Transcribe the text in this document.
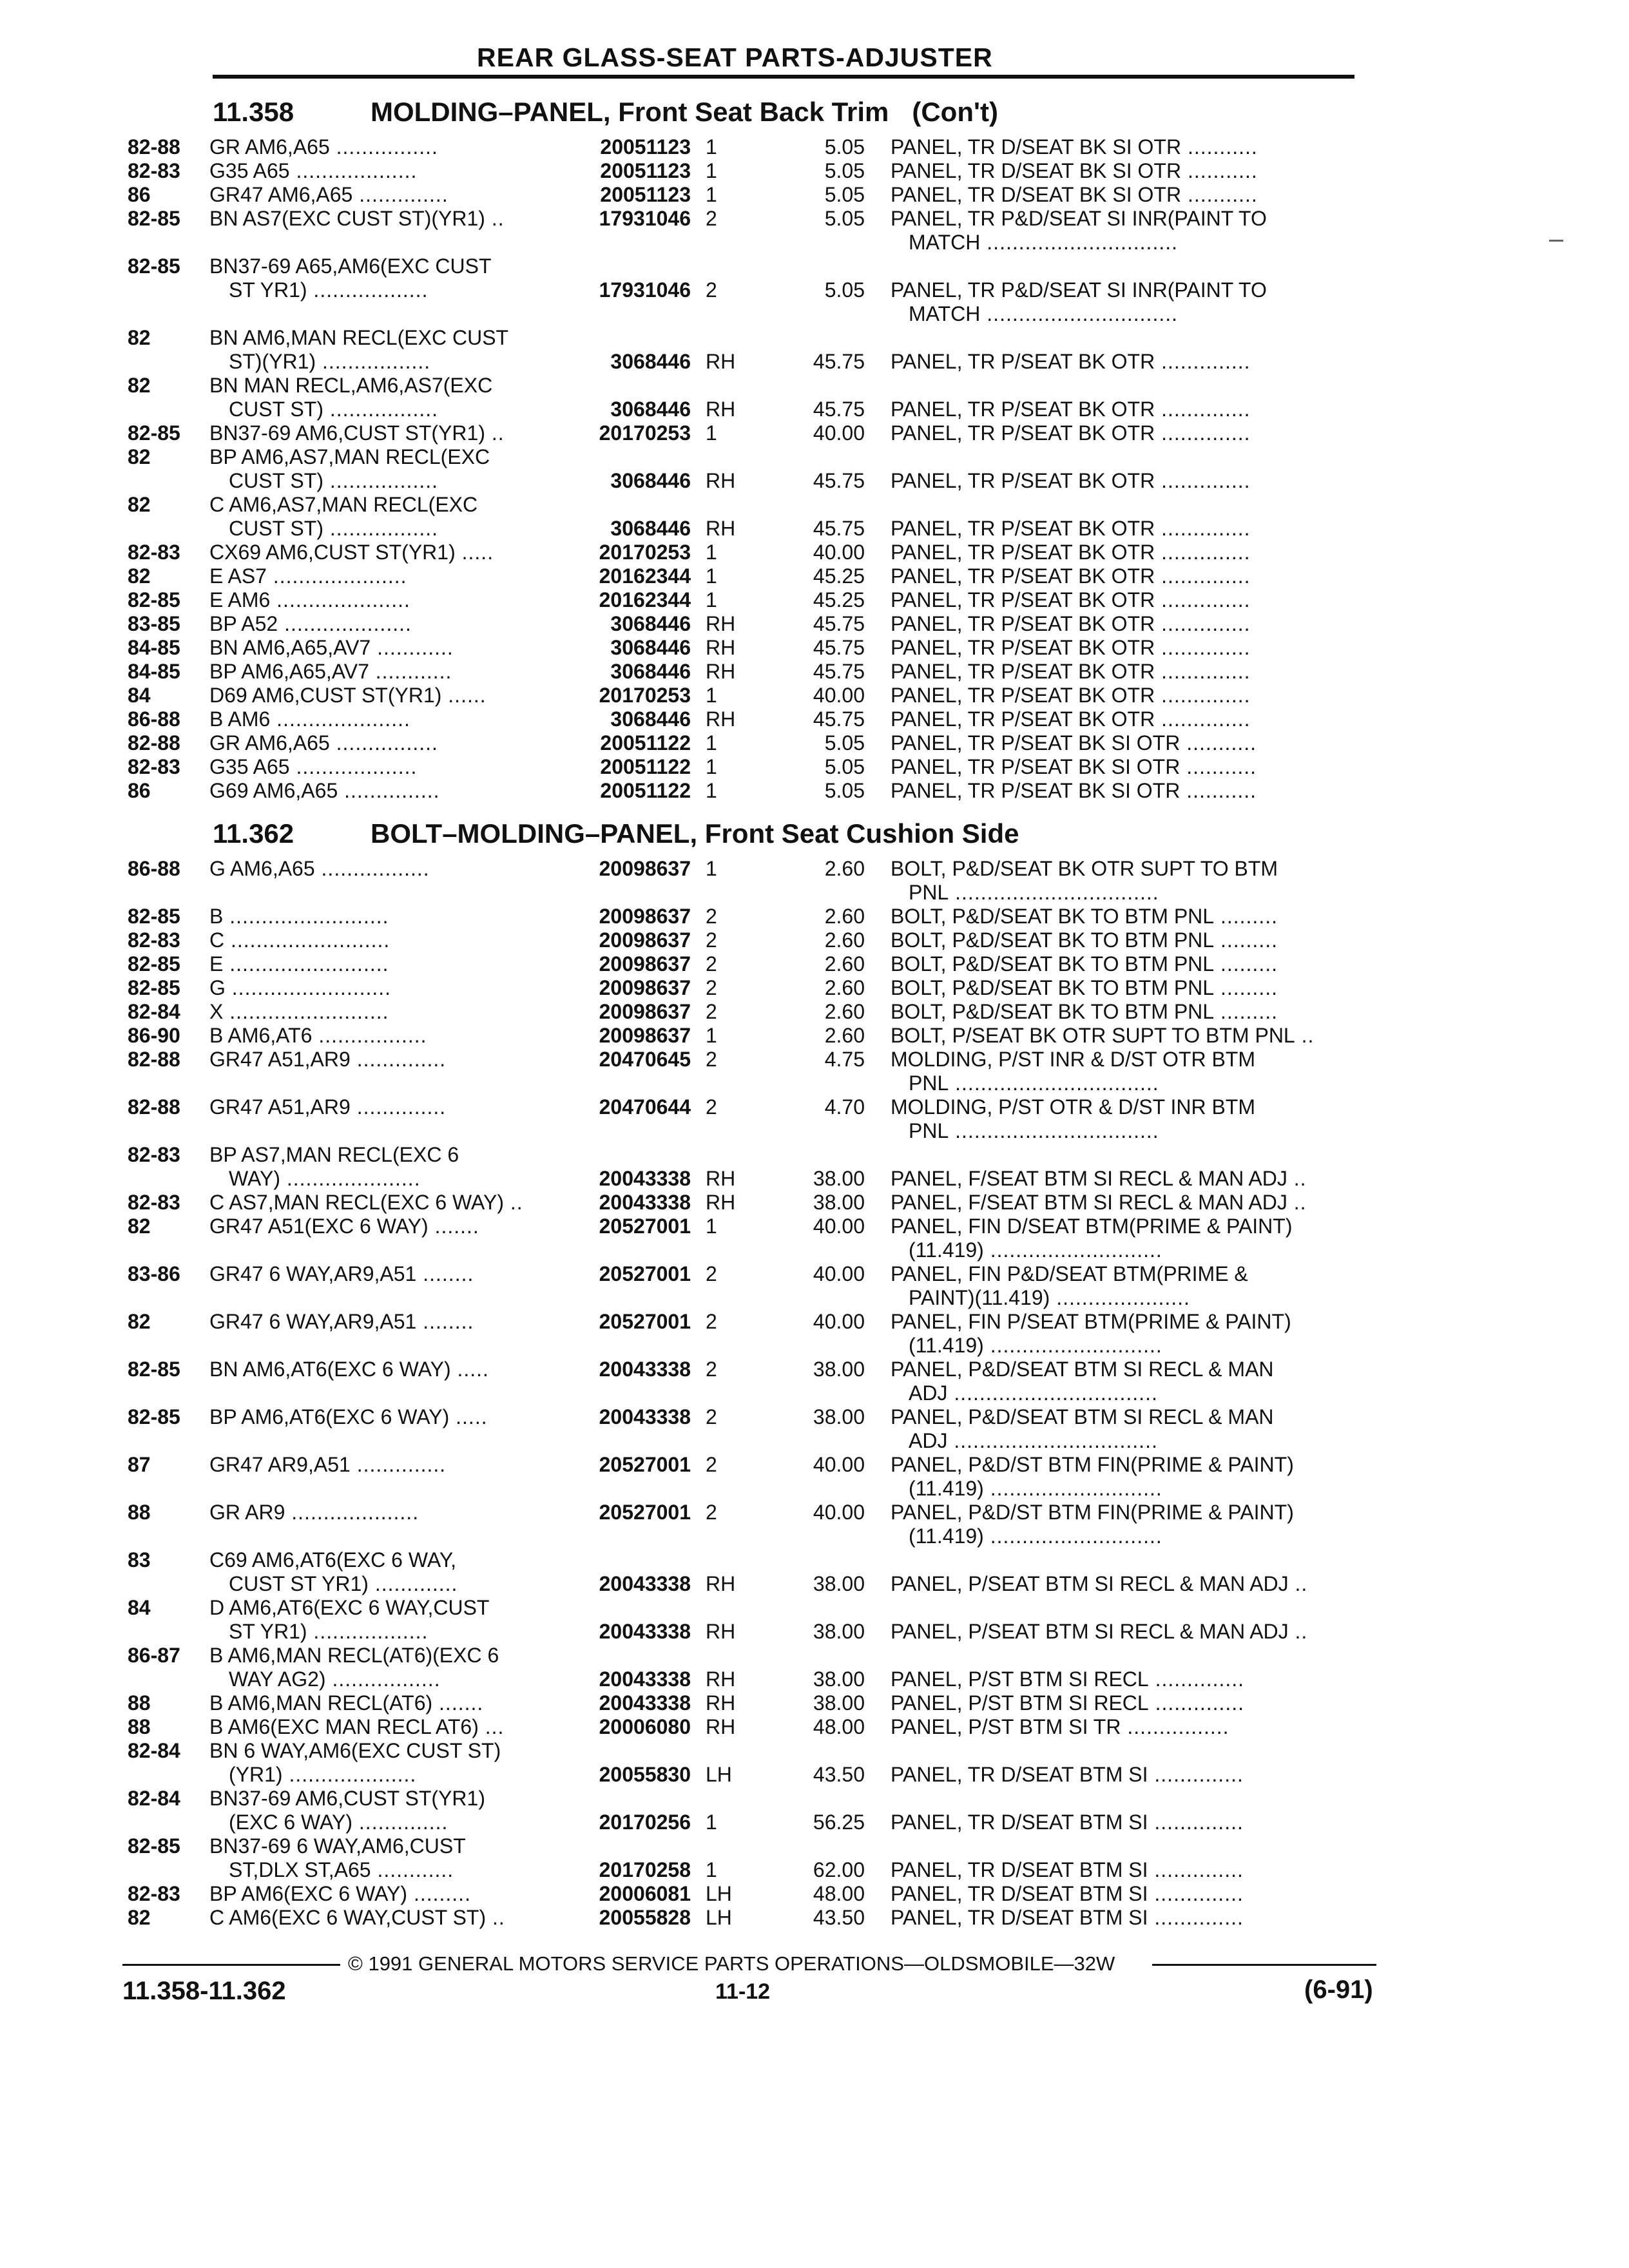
REAR GLASS-SEAT PARTS-ADJUSTER
11.358	MOLDING–PANEL, Front Seat Back Trim (Con't)
82-88 GR AM6,A65 ................	20051123 1	5.05 PANEL, TR D/SEAT BK SI OTR ...........
82-83 G35 A65 ...................	20051123 1	5.05 PANEL, TR D/SEAT BK SI OTR ...........
86	GR47 AM6,A65 ..............	20051123 1	5.05 PANEL, TR D/SEAT BK SI OTR ...........
82-85 BN AS7(EXC CUST ST)(YR1) ..	17931046 2	5.05 PANEL, TR P&D/SEAT SI INR(PAINT TO
MATCH ..............................
82-85 BN37-69 A65,AM6(EXC CUST
ST YR1) ..................	17931046 2	5.05 PANEL, TR P&D/SEAT SI INR(PAINT TO
MATCH ..............................
82	BN AM6,MAN RECL(EXC CUST
ST)(YR1) .................	3068446 RH	45.75 PANEL, TR P/SEAT BK OTR ..............
82	BN MAN RECL,AM6,AS7(EXC
CUST ST) .................	3068446 RH	45.75 PANEL, TR P/SEAT BK OTR ..............
82-85 BN37-69 AM6,CUST ST(YR1) ..	20170253 1	40.00 PANEL, TR P/SEAT BK OTR ..............
82	BP AM6,AS7,MAN RECL(EXC
CUST ST) .................	3068446 RH	45.75 PANEL, TR P/SEAT BK OTR ..............
82	C AM6,AS7,MAN RECL(EXC
CUST ST) .................	3068446 RH	45.75 PANEL, TR P/SEAT BK OTR ..............
82-83 CX69 AM6,CUST ST(YR1) .....	20170253 1	40.00 PANEL, TR P/SEAT BK OTR ..............
82	E AS7 .....................	20162344 1	45.25 PANEL, TR P/SEAT BK OTR ..............
82-85 E AM6 .....................	20162344 1	45.25 PANEL, TR P/SEAT BK OTR ..............
83-85 BP A52 ....................	3068446 RH	45.75 PANEL, TR P/SEAT BK OTR ..............
84-85 BN AM6,A65,AV7 ............	3068446 RH	45.75 PANEL, TR P/SEAT BK OTR ..............
84-85 BP AM6,A65,AV7 ............	3068446 RH	45.75 PANEL, TR P/SEAT BK OTR ..............
84	D69 AM6,CUST ST(YR1) ......	20170253 1	40.00 PANEL, TR P/SEAT BK OTR ..............
86-88 B AM6 .....................	3068446 RH	45.75 PANEL, TR P/SEAT BK OTR ..............
82-88 GR AM6,A65 ................	20051122 1	5.05 PANEL, TR P/SEAT BK SI OTR ...........
82-83 G35 A65 ...................	20051122 1	5.05 PANEL, TR P/SEAT BK SI OTR ...........
86	G69 AM6,A65 ...............	20051122 1	5.05 PANEL, TR P/SEAT BK SI OTR ...........
11.362	BOLT–MOLDING–PANEL, Front Seat Cushion Side
86-88 G AM6,A65 .................	20098637 1	2.60 BOLT, P&D/SEAT BK OTR SUPT TO BTM
PNL ................................
82-85 B .........................	20098637 2	2.60 BOLT, P&D/SEAT BK TO BTM PNL .........
82-83 C .........................	20098637 2	2.60 BOLT, P&D/SEAT BK TO BTM PNL .........
82-85 E .........................	20098637 2	2.60 BOLT, P&D/SEAT BK TO BTM PNL .........
82-85 G .........................	20098637 2	2.60 BOLT, P&D/SEAT BK TO BTM PNL .........
82-84 X .........................	20098637 2	2.60 BOLT, P&D/SEAT BK TO BTM PNL .........
86-90 B AM6,AT6 .................	20098637 1	2.60 BOLT, P/SEAT BK OTR SUPT TO BTM PNL ..
82-88 GR47 A51,AR9 ..............	20470645 2	4.75 MOLDING, P/ST INR & D/ST OTR BTM
PNL ................................
82-88 GR47 A51,AR9 ..............	20470644 2	4.70 MOLDING, P/ST OTR & D/ST INR BTM
PNL ................................
82-83 BP AS7,MAN RECL(EXC 6
WAY) .....................	20043338 RH	38.00 PANEL, F/SEAT BTM SI RECL & MAN ADJ ..
82-83 C AS7,MAN RECL(EXC 6 WAY) ..	20043338 RH	38.00 PANEL, F/SEAT BTM SI RECL & MAN ADJ ..
82	GR47 A51(EXC 6 WAY) .......	20527001 1	40.00 PANEL, FIN D/SEAT BTM(PRIME & PAINT)
(11.419) ...........................
83-86 GR47 6 WAY,AR9,A51 ........	20527001 2	40.00 PANEL, FIN P&D/SEAT BTM(PRIME &
PAINT)(11.419) .....................
82	GR47 6 WAY,AR9,A51 ........	20527001 2	40.00 PANEL, FIN P/SEAT BTM(PRIME & PAINT)
(11.419) ...........................
82-85 BN AM6,AT6(EXC 6 WAY) .....	20043338 2	38.00 PANEL, P&D/SEAT BTM SI RECL & MAN
ADJ ................................
82-85 BP AM6,AT6(EXC 6 WAY) .....	20043338 2	38.00 PANEL, P&D/SEAT BTM SI RECL & MAN
ADJ ................................
87	GR47 AR9,A51 ..............	20527001 2	40.00 PANEL, P&D/ST BTM FIN(PRIME & PAINT)
(11.419) ...........................
88	GR AR9 ....................	20527001 2	40.00 PANEL, P&D/ST BTM FIN(PRIME & PAINT)
(11.419) ...........................
83	C69 AM6,AT6(EXC 6 WAY,
CUST ST YR1) .............	20043338 RH	38.00 PANEL, P/SEAT BTM SI RECL & MAN ADJ ..
84	D AM6,AT6(EXC 6 WAY,CUST
ST YR1) ..................	20043338 RH	38.00 PANEL, P/SEAT BTM SI RECL & MAN ADJ ..
86-87 B AM6,MAN RECL(AT6)(EXC 6
WAY AG2) .................	20043338 RH	38.00 PANEL, P/ST BTM SI RECL ..............
88	B AM6,MAN RECL(AT6) .......	20043338 RH	38.00 PANEL, P/ST BTM SI RECL ..............
88	B AM6(EXC MAN RECL AT6) ...	20006080 RH	48.00 PANEL, P/ST BTM SI TR ................
82-84 BN 6 WAY,AM6(EXC CUST ST)
(YR1) ....................	20055830 LH	43.50 PANEL, TR D/SEAT BTM SI ..............
82-84 BN37-69 AM6,CUST ST(YR1)
(EXC 6 WAY) ..............	20170256 1	56.25 PANEL, TR D/SEAT BTM SI ..............
82-85 BN37-69 6 WAY,AM6,CUST
ST,DLX ST,A65 ............	20170258 1	62.00 PANEL, TR D/SEAT BTM SI ..............
82-83 BP AM6(EXC 6 WAY) .........	20006081 LH	48.00 PANEL, TR D/SEAT BTM SI ..............
82	C AM6(EXC 6 WAY,CUST ST) ..	20055828 LH	43.50 PANEL, TR D/SEAT BTM SI ..............
© 1991 GENERAL MOTORS SERVICE PARTS OPERATIONS—OLDSMOBILE—32W
11.358-11.362	11-12	(6-91)
